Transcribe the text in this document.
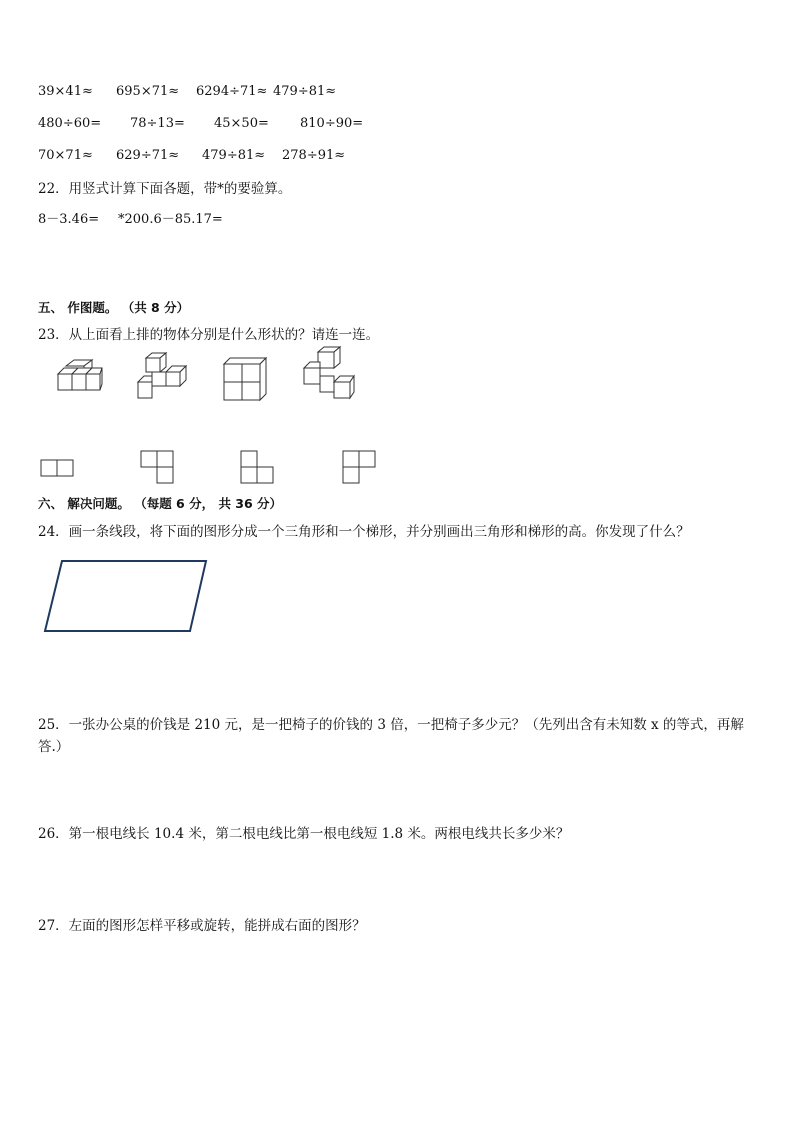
39×41≈ 695×71≈ 6294÷71≈ 479÷81≈
480÷60= 78÷13= 45×50= 810÷90=
70×71≈ 629÷71≈ 479÷81≈ 278÷91≈
22．用竖式计算下面各题，带*的要验算。
8－3.46= *200.6－85.17=
五、 作图题。 （共 8 分）
23．从上面看上排的物体分别是什么形状的？请连一连。
六、 解决问题。 （每题 6 分， 共 36 分）
24．画一条线段，将下面的图形分成一个三角形和一个梯形，并分别画出三角形和梯形的高。你发现了什么？
25．一张办公桌的价钱是 210 元，是一把椅子的价钱的 3 倍，一把椅子多少元？（先列出含有未知数 x 的等式，再解
答.）
26．第一根电线长 10.4 米，第二根电线比第一根电线短 1.8 米。两根电线共长多少米？
27．左面的图形怎样平移或旋转，能拼成右面的图形？
